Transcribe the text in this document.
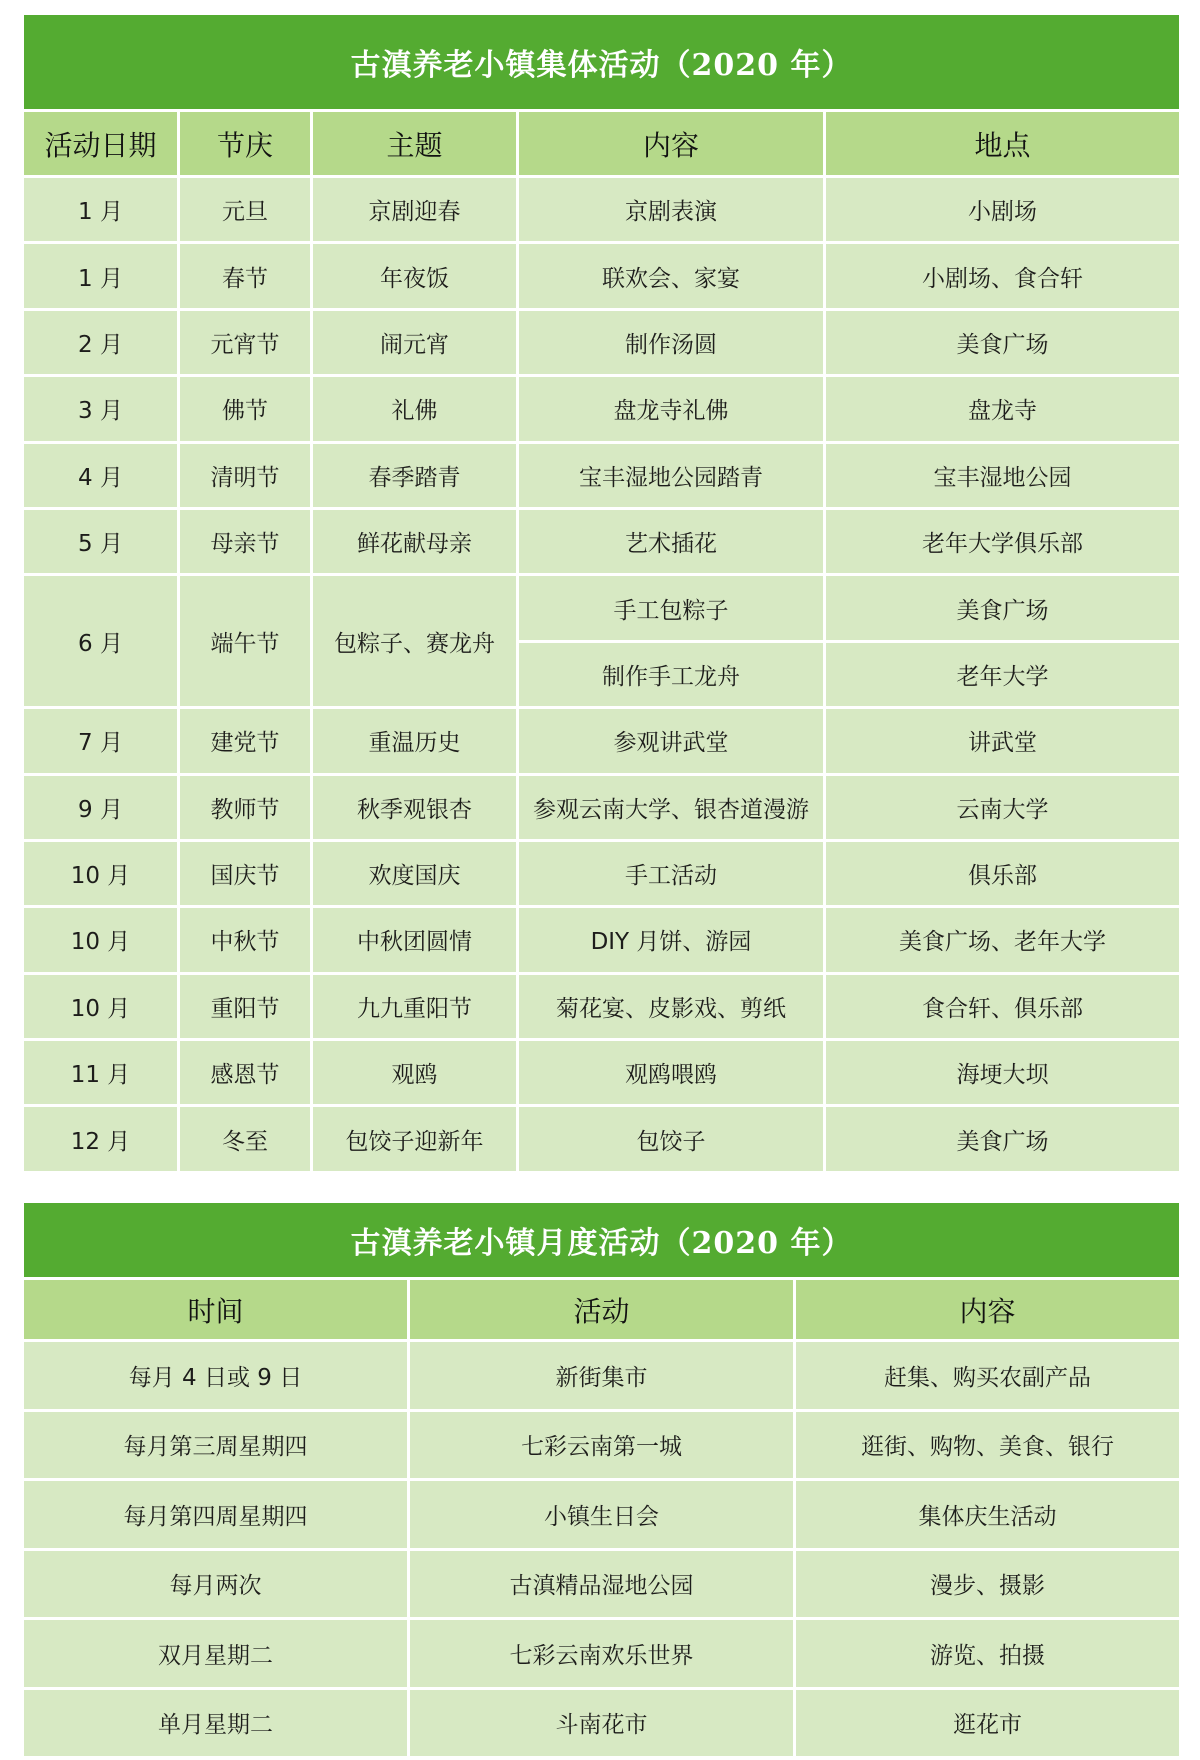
古滇养老小镇集体活动（2020 年）				
活动日期	节庆	主题	内容	地点
1 月	元旦	京剧迎春	京剧表演	小剧场
1 月	春节	年夜饭	联欢会、家宴	小剧场、食合轩
2 月	元宵节	闹元宵	制作汤圆	美食广场
3 月	佛节	礼佛	盘龙寺礼佛	盘龙寺
4 月	清明节	春季踏青	宝丰湿地公园踏青	宝丰湿地公园
5 月	母亲节	鲜花献母亲	艺术插花	老年大学俱乐部
6 月	端午节	包粽子、赛龙舟	手工包粽子	美食广场
			制作手工龙舟	老年大学
7 月	建党节	重温历史	参观讲武堂	讲武堂
9 月	教师节	秋季观银杏	参观云南大学、银杏道漫游	云南大学
10 月	国庆节	欢度国庆	手工活动	俱乐部
10 月	中秋节	中秋团圆情	DIY 月饼、游园	美食广场、老年大学
10 月	重阳节	九九重阳节	菊花宴、皮影戏、剪纸	食合轩、俱乐部
11 月	感恩节	观鸥	观鸥喂鸥	海埂大坝
12 月	冬至	包饺子迎新年	包饺子	美食广场
古滇养老小镇月度活动（2020 年）		
时间	活动	内容
每月 4 日或 9 日	新街集市	赶集、购买农副产品
每月第三周星期四	七彩云南第一城	逛街、购物、美食、银行
每月第四周星期四	小镇生日会	集体庆生活动
每月两次	古滇精品湿地公园	漫步、摄影
双月星期二	七彩云南欢乐世界	游览、拍摄
单月星期二	斗南花市	逛花市
